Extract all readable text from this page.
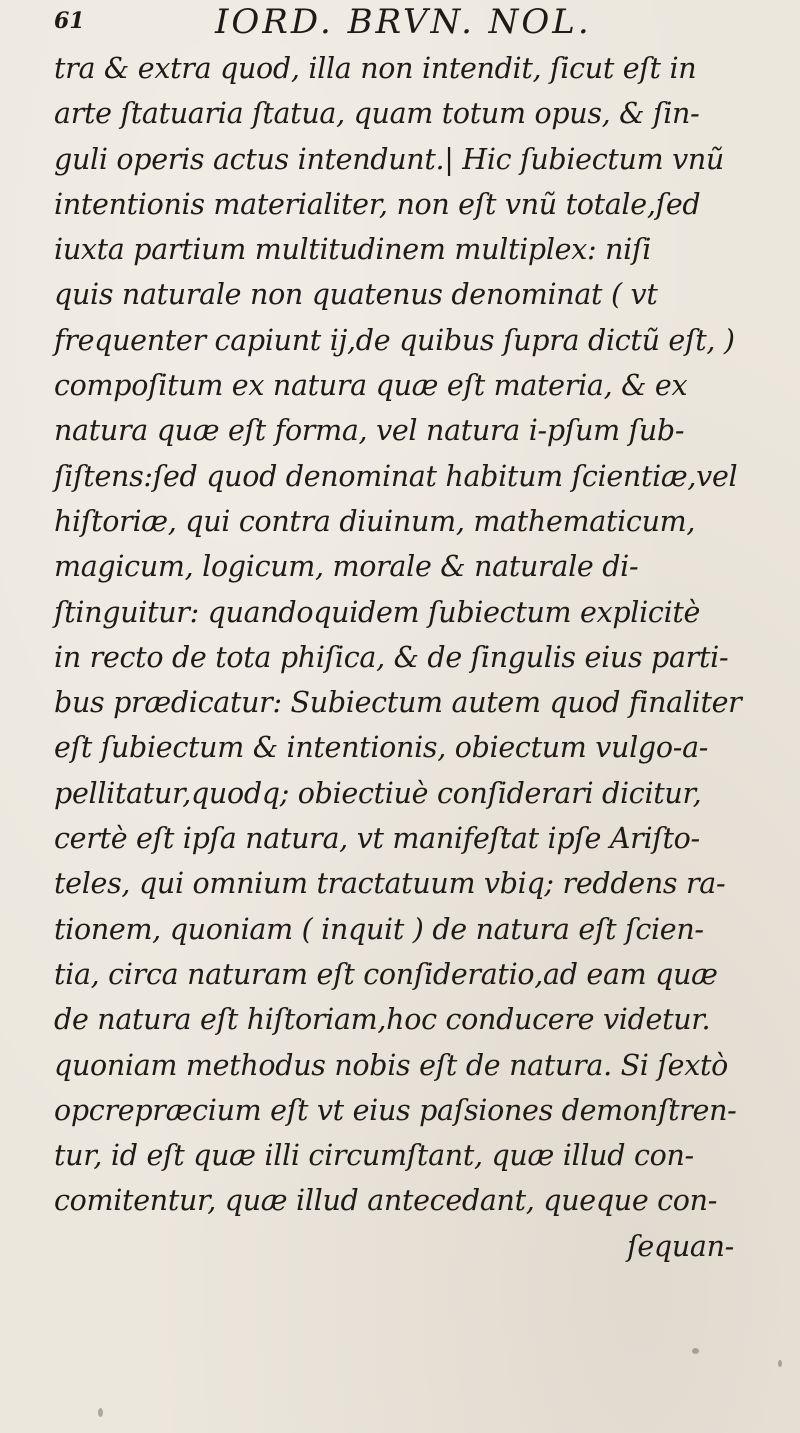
61	IORD. BRVN. NOL.
tra & extra quod, illa non intendit, ſicut eſt in
arte ſtatuaria ſtatua, quam totum opus, & ſin-
guli operis actus intendunt.| Hic ſubiectum vnũ
intentionis materialiter, non eſt vnũ totale,ſed
iuxta partium multitudinem multiplex: niſi
quis naturale non quatenus denominat ( vt
frequenter capiunt ij,de quibus ſupra dictũ eſt, )
compoſitum ex natura quæ eſt materia, & ex
natura quæ eſt forma, vel natura i-pſum ſub-
ſiſtens:ſed quod denominat habitum ſcientiæ,vel
hiſtoriæ, qui contra diuinum, mathematicum,
magicum, logicum, morale & naturale di-
ſtinguitur: quandoquidem ſubiectum explicitè
in recto de tota phiſica, & de ſingulis eius parti-
bus prædicatur: Subiectum autem quod finaliter
eſt ſubiectum & intentionis, obiectum vulgo-a-
pellitatur,quodq; obiectiuè conſiderari dicitur,
certè eſt ipſa natura, vt manifeſtat ipſe Ariſto-
teles, qui omnium tractatuum vbiq; reddens ra-
tionem, quoniam ( inquit ) de natura eſt ſcien-
tia, circa naturam eſt conſideratio,ad eam quæ
de natura eſt hiſtoriam,hoc conducere videtur.
quoniam methodus nobis eſt de natura. Si ſextò
opcrepræcium eſt vt eius paſsiones demonſtren-
tur, id eſt quæ illi circumſtant, quæ illud con-
comitentur, quæ illud antecedant, queque con-
ſequan-
